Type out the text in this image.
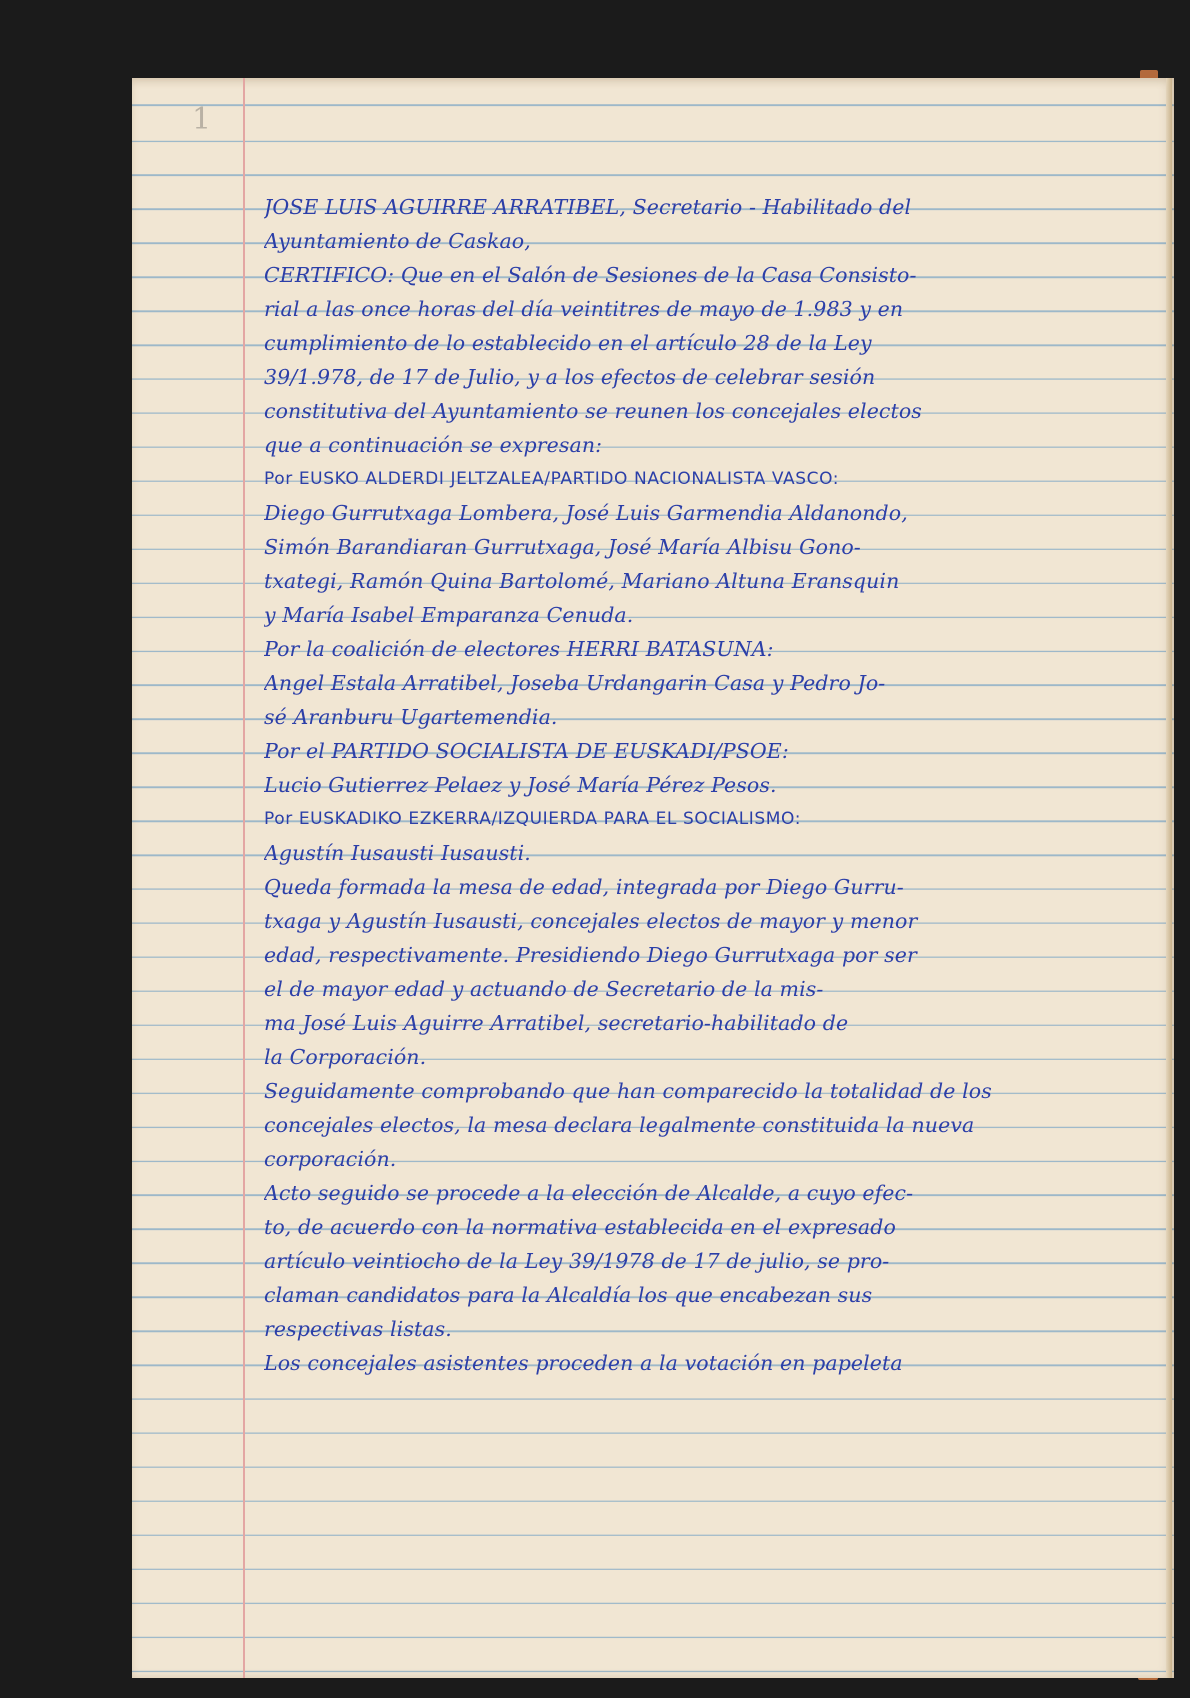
1
JOSE LUIS AGUIRRE ARRATIBEL, Secretario - Habilitado del
Ayuntamiento de Caskao,
CERTIFICO: Que en el Salón de Sesiones de la Casa Consisto-
rial a las once horas del día veintitres de mayo de 1.983 y en
cumplimiento de lo establecido en el artículo 28 de la Ley
39/1.978, de 17 de Julio, y a los efectos de celebrar sesión
constitutiva del Ayuntamiento se reunen los concejales electos
que a continuación se expresan:
Por EUSKO ALDERDI JELTZALEA/PARTIDO NACIONALISTA VASCO:
Diego Gurrutxaga Lombera, José Luis Garmendia Aldanondo,
Simón Barandiaran Gurrutxaga, José María Albisu Gono-
txategi, Ramón Quina Bartolomé, Mariano Altuna Eransquin
y María Isabel Emparanza Cenuda.
Por la coalición de electores HERRI BATASUNA:
Angel Estala Arratibel, Joseba Urdangarin Casa y Pedro Jo-
sé Aranburu Ugartemendia.
Por el PARTIDO SOCIALISTA DE EUSKADI/PSOE:
Lucio Gutierrez Pelaez y José María Pérez Pesos.
Por EUSKADIKO EZKERRA/IZQUIERDA PARA EL SOCIALISMO:
Agustín Iusausti Iusausti.
Queda formada la mesa de edad, integrada por Diego Gurru-
txaga y Agustín Iusausti, concejales electos de mayor y menor
edad, respectivamente. Presidiendo Diego Gurrutxaga por ser
el de mayor edad y actuando de Secretario de la mis-
ma José Luis Aguirre Arratibel, secretario-habilitado de
la Corporación.
Seguidamente comprobando que han comparecido la totalidad de los
concejales electos, la mesa declara legalmente constituida la nueva
corporación.
Acto seguido se procede a la elección de Alcalde, a cuyo efec-
to, de acuerdo con la normativa establecida en el expresado
artículo veintiocho de la Ley 39/1978 de 17 de julio, se pro-
claman candidatos para la Alcaldía los que encabezan sus
respectivas listas.
Los concejales asistentes proceden a la votación en papeleta
